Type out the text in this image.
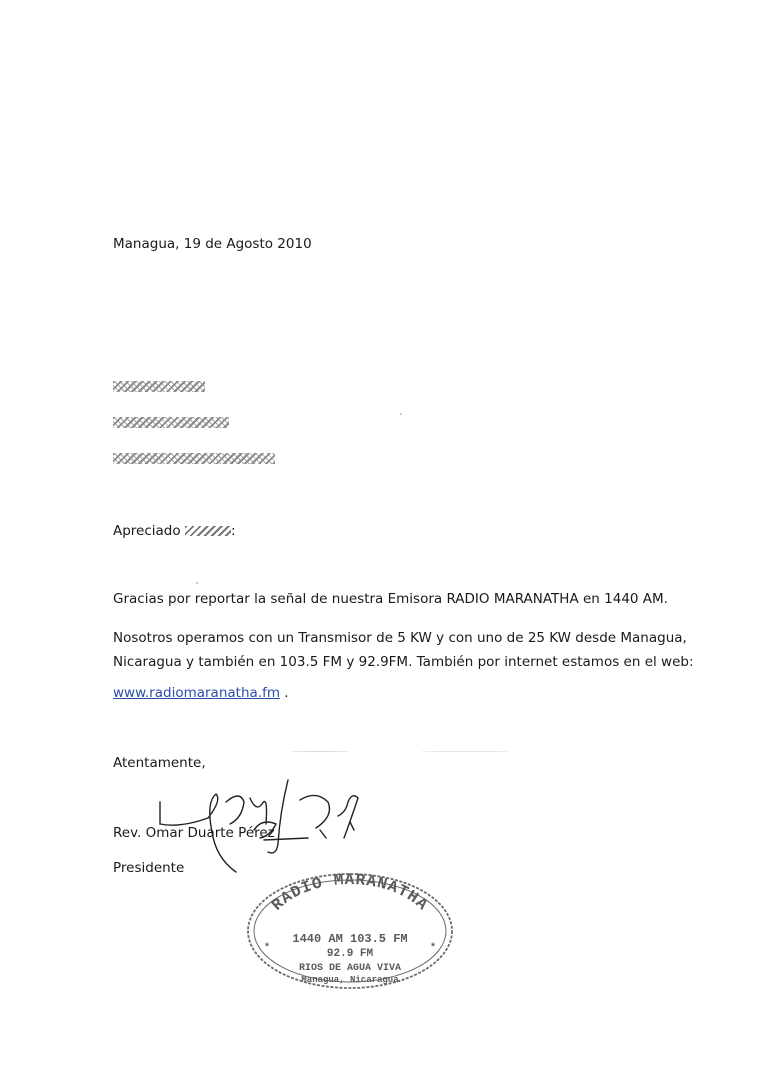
Managua, 19 de Agosto 2010
Apreciado	:
Gracias por reportar la señal de nuestra Emisora RADIO MARANATHA en 1440 AM.
Nosotros operamos con un Transmisor de 5 KW y con uno de 25 KW desde Managua,
Nicaragua y también en 103.5 FM y 92.9FM. También por internet estamos en el web:
www.radiomaranatha.fm .
Atentamente,
Rev. Omar Duarte Pérez
Presidente
RADIO MARANATHA
1440 AM 103.5 FM
92.9 FM
RIOS DE AGUA VIVA
Managua, Nicaragua
*	*
